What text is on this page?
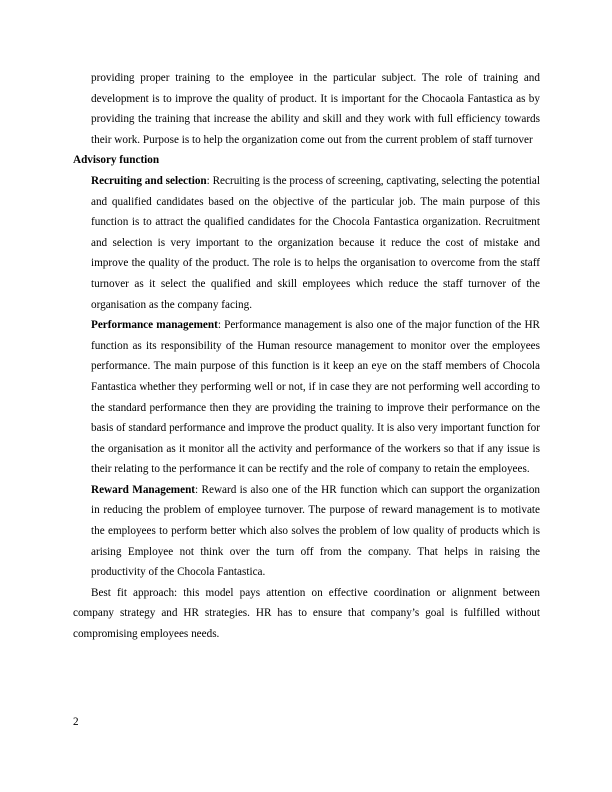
providing proper training to the employee in the particular subject. The role of training and development is to improve the quality of product. It is important for the Chocaola Fantastica as by providing the training that increase the ability and skill and they work with full efficiency towards their work. Purpose is to help the organization come out from the current problem of staff turnover

Advisory function

Recruiting and selection: Recruiting is the process of screening, captivating, selecting the potential and qualified candidates based on the objective of the particular job. The main purpose of this function is to attract the qualified candidates for the Chocola Fantastica organization. Recruitment and selection is very important to the organization because it reduce the cost of mistake and improve the quality of the product. The role is to helps the organisation to overcome from the staff turnover as it select the qualified and skill employees which reduce the staff turnover of the organisation as the company facing.

Performance management: Performance management is also one of the major function of the HR function as its responsibility of the Human resource management to monitor over the employees performance. The main purpose of this function is it keep an eye on the staff members of Chocola Fantastica whether they performing well or not, if in case they are not performing well according to the standard performance then they are providing the training to improve their performance on the basis of standard performance and improve the product quality. It is also very important function for the organisation as it monitor all the activity and performance of the workers so that if any issue is their relating to the performance it can be rectify and the role of company to retain the employees.

Reward Management: Reward is also one of the HR function which can support the organization in reducing the problem of employee turnover. The purpose of reward management is to motivate the employees to perform better which also solves the problem of low quality of products which is arising Employee not think over the turn off from the company. That helps in raising the productivity of the Chocola Fantastica.

Best fit approach: this model pays attention on effective coordination or alignment between company strategy and HR strategies. HR has to ensure that company’s goal is fulfilled without compromising employees needs.

2
